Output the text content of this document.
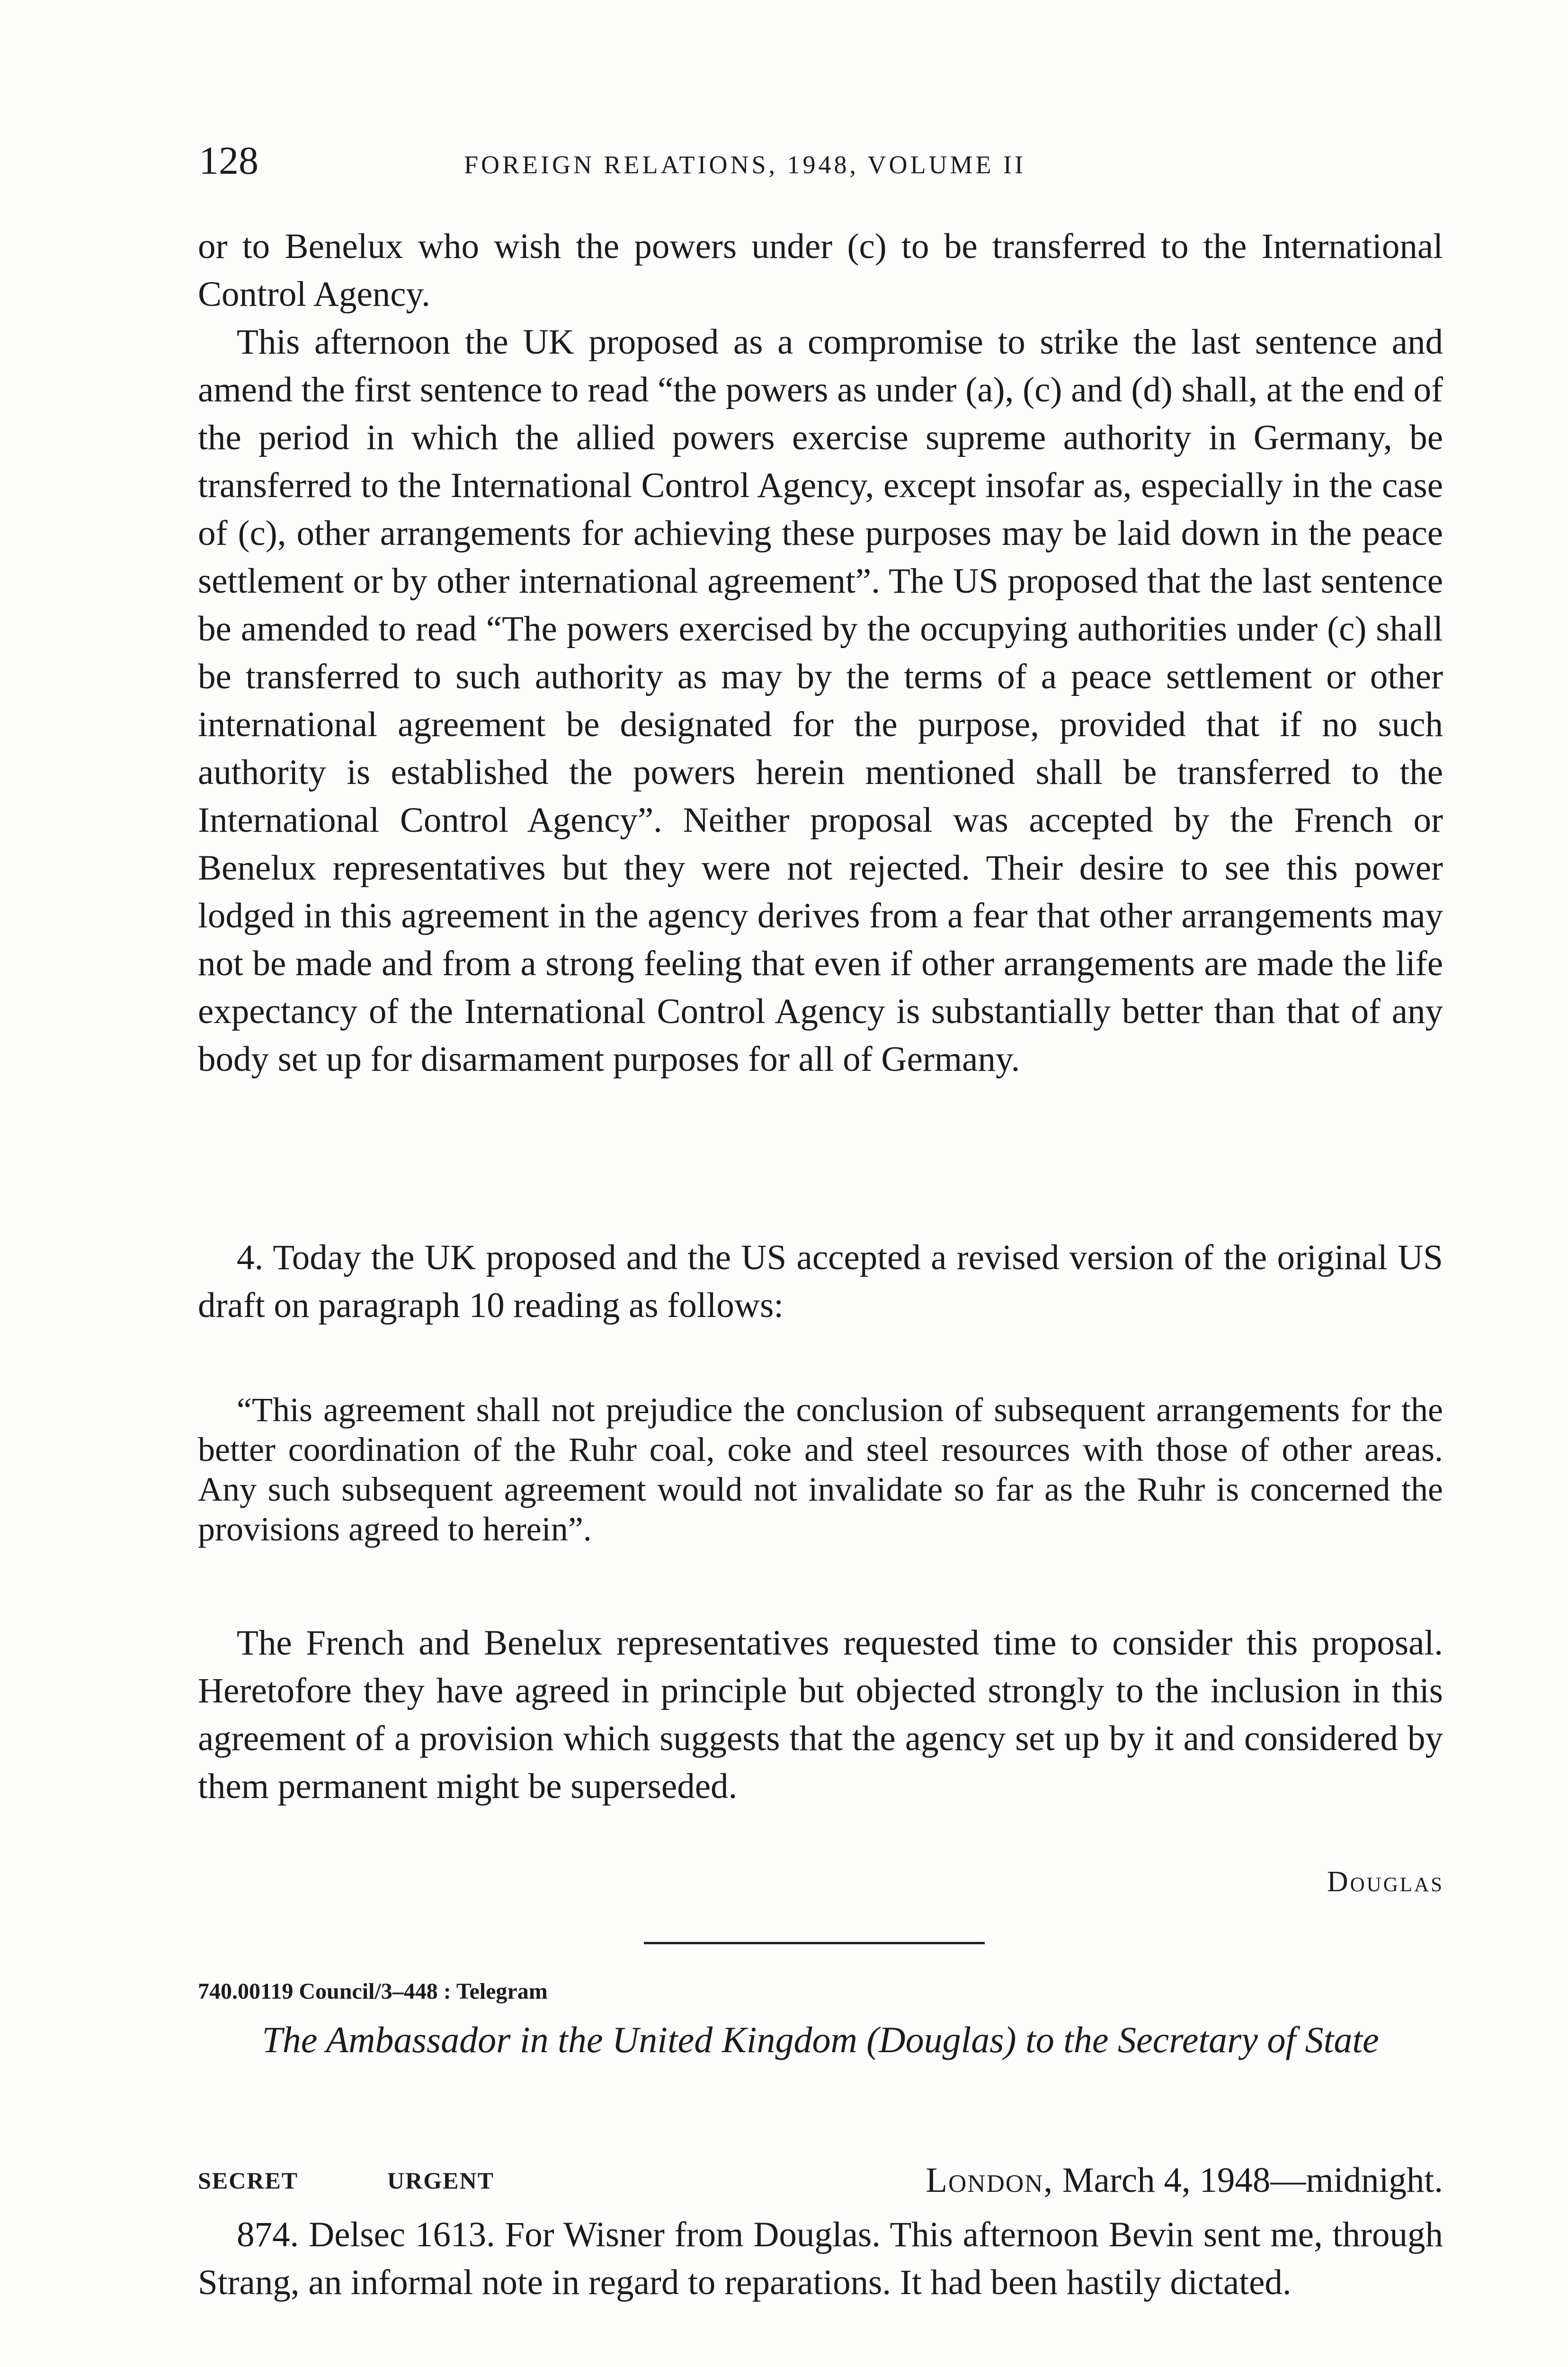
128	FOREIGN RELATIONS, 1948, VOLUME II

or to Benelux who wish the powers under (c) to be transferred to the International Control Agency.

This afternoon the UK proposed as a compromise to strike the last sentence and amend the first sentence to read “the powers as under (a), (c) and (d) shall, at the end of the period in which the allied powers exercise supreme authority in Germany, be transferred to the International Control Agency, except insofar as, especially in the case of (c), other arrangements for achieving these purposes may be laid down in the peace settlement or by other international agreement”. The US proposed that the last sentence be amended to read “The powers exercised by the occupying authorities under (c) shall be transferred to such authority as may by the terms of a peace settlement or other international agreement be designated for the purpose, provided that if no such authority is established the powers herein mentioned shall be transferred to the International Control Agency”. Neither proposal was accepted by the French or Benelux representatives but they were not rejected. Their desire to see this power lodged in this agreement in the agency derives from a fear that other arrangements may not be made and from a strong feeling that even if other arrangements are made the life expectancy of the International Control Agency is substantially better than that of any body set up for disarmament purposes for all of Germany.

4. Today the UK proposed and the US accepted a revised version of the original US draft on paragraph 10 reading as follows:

“This agreement shall not prejudice the conclusion of subsequent arrangements for the better coordination of the Ruhr coal, coke and steel resources with those of other areas. Any such subsequent agreement would not invalidate so far as the Ruhr is concerned the provisions agreed to herein”.

The French and Benelux representatives requested time to consider this proposal. Heretofore they have agreed in principle but objected strongly to the inclusion in this agreement of a provision which suggests that the agency set up by it and considered by them permanent might be superseded.

Douglas
740.00119 Council/3–448 : Telegram

The Ambassador in the United Kingdom (Douglas) to the Secretary of State

SECRET	URGENT	London, March 4, 1948—midnight.

874. Delsec 1613. For Wisner from Douglas. This afternoon Bevin sent me, through Strang, an informal note in regard to reparations. It had been hastily dictated.
